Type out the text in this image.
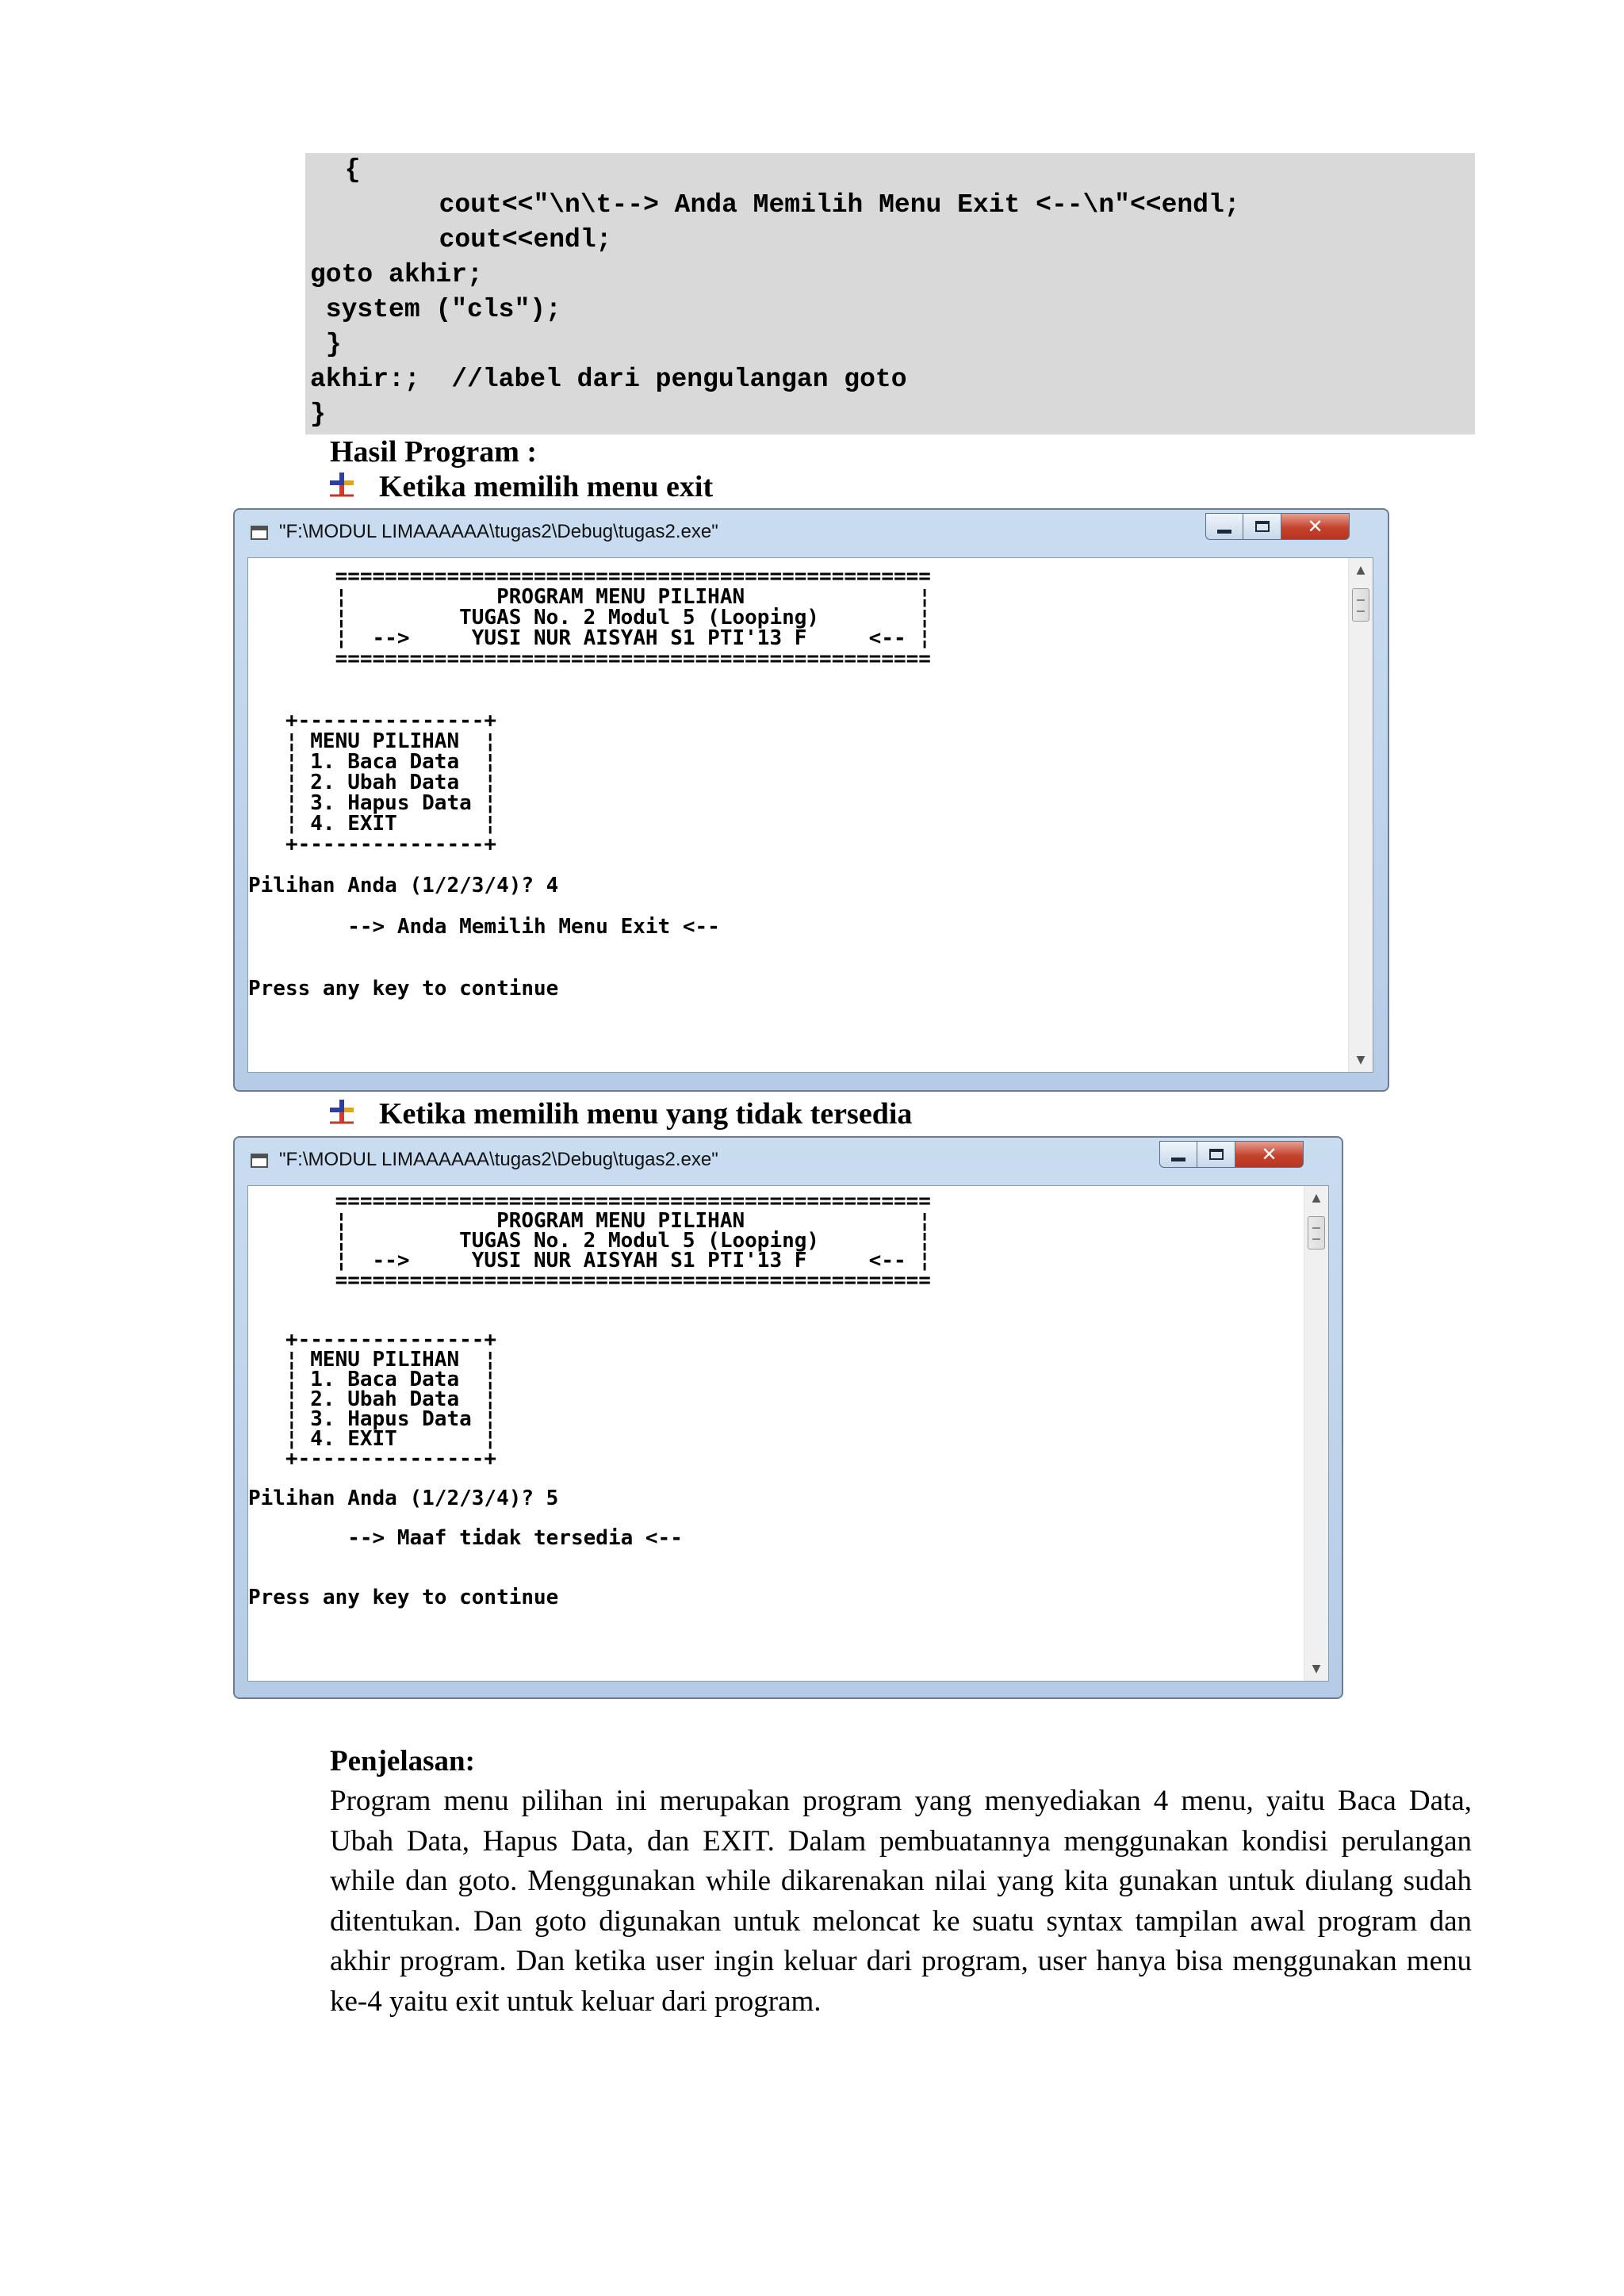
{
cout<<"\n\t--> Anda Memilih Menu Exit <--\n"<<endl;
cout<<endl;
goto akhir;
system ("cls");
}
akhir:;  //label dari pengulangan goto
}
Hasil Program :
Ketika memilih menu exit
"F:\MODUL LIMAAAAAA\tugas2\Debug\tugas2.exe"	✕
================================================
¦            PROGRAM MENU PILIHAN              ¦
¦         TUGAS No. 2 Modul 5 (Looping)        ¦
¦  -->     YUSI NUR AISYAH S1 PTI'13 F     <-- ¦
================================================
+---------------+
¦ MENU PILIHAN  ¦
¦ 1. Baca Data  ¦
¦ 2. Ubah Data  ¦
¦ 3. Hapus Data ¦
¦ 4. EXIT       ¦
+---------------+
Pilihan Anda (1/2/3/4)? 4
--> Anda Memilih Menu Exit <--
Press any key to continue
▲
▼
Ketika memilih menu yang tidak tersedia
"F:\MODUL LIMAAAAAA\tugas2\Debug\tugas2.exe"	✕
================================================
¦            PROGRAM MENU PILIHAN              ¦
¦         TUGAS No. 2 Modul 5 (Looping)        ¦
¦  -->     YUSI NUR AISYAH S1 PTI'13 F     <-- ¦
================================================
+---------------+
¦ MENU PILIHAN  ¦
¦ 1. Baca Data  ¦
¦ 2. Ubah Data  ¦
¦ 3. Hapus Data ¦
¦ 4. EXIT       ¦
+---------------+
Pilihan Anda (1/2/3/4)? 5
--> Maaf tidak tersedia <--
Press any key to continue
▲
▼
Penjelasan:
Program menu pilihan ini merupakan program yang menyediakan 4 menu, yaitu Baca Data, Ubah Data, Hapus Data, dan EXIT. Dalam pembuatannya menggunakan kondisi perulangan while dan goto. Menggunakan while dikarenakan nilai yang kita gunakan untuk diulang sudah ditentukan. Dan goto digunakan untuk meloncat ke suatu syntax tampilan awal program dan akhir program. Dan ketika user ingin keluar dari program, user hanya bisa menggunakan menu ke-4 yaitu exit untuk keluar dari program.
